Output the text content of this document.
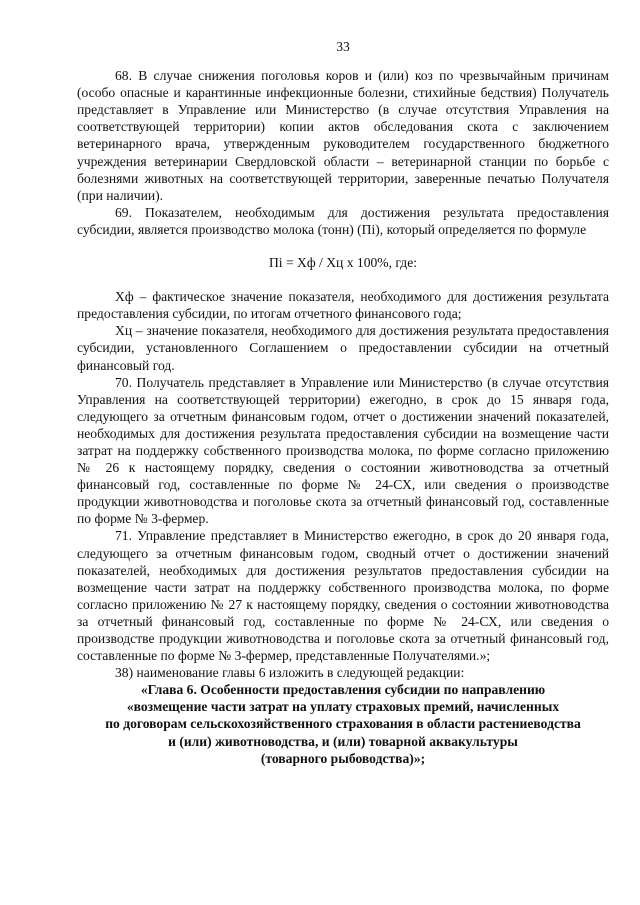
33

68. В случае снижения поголовья коров и (или) коз по чрезвычайным причинам (особо опасные и карантинные инфекционные болезни, стихийные бедствия) Получатель представляет в Управление или Министерство (в случае отсутствия Управления на соответствующей территории) копии актов обследования скота с заключением ветеринарного врача, утвержденным руководителем государственного бюджетного учреждения ветеринарии Свердловской области – ветеринарной станции по борьбе с болезнями животных на соответствующей территории, заверенные печатью Получателя (при наличии).

69. Показателем, необходимым для достижения результата предоставления субсидии, является производство молока (тонн) (Пi), который определяется по формуле

Пi = Хф / Хц x 100%, где:

Хф – фактическое значение показателя, необходимого для достижения результата предоставления субсидии, по итогам отчетного финансового года;

Хц – значение показателя, необходимого для достижения результата предоставления субсидии, установленного Соглашением о предоставлении субсидии на отчетный финансовый год.

70. Получатель представляет в Управление или Министерство (в случае отсутствия Управления на соответствующей территории) ежегодно, в срок до 15 января года, следующего за отчетным финансовым годом, отчет о достижении значений показателей, необходимых для достижения результата предоставления субсидии на возмещение части затрат на поддержку собственного производства молока, по форме согласно приложению № 26 к настоящему порядку, сведения о состоянии животноводства за отчетный финансовый год, составленные по форме № 24-СХ, или сведения о производстве продукции животноводства и поголовье скота за отчетный финансовый год, составленные по форме № 3-фермер.

71. Управление представляет в Министерство ежегодно, в срок до 20 января года, следующего за отчетным финансовым годом, сводный отчет о достижении значений показателей, необходимых для достижения результатов предоставления субсидии на возмещение части затрат на поддержку собственного производства молока, по форме согласно приложению № 27 к настоящему порядку, сведения о состоянии животноводства за отчетный финансовый год, составленные по форме № 24-СХ, или сведения о производстве продукции животноводства и поголовье скота за отчетный финансовый год, составленные по форме № 3-фермер, представленные Получателями.»;

38) наименование главы 6 изложить в следующей редакции:

«Глава 6. Особенности предоставления субсидии по направлению

«возмещение части затрат на уплату страховых премий, начисленных

по договорам сельскохозяйственного страхования в области растениеводства

и (или) животноводства, и (или) товарной аквакультуры

(товарного рыбоводства)»;
